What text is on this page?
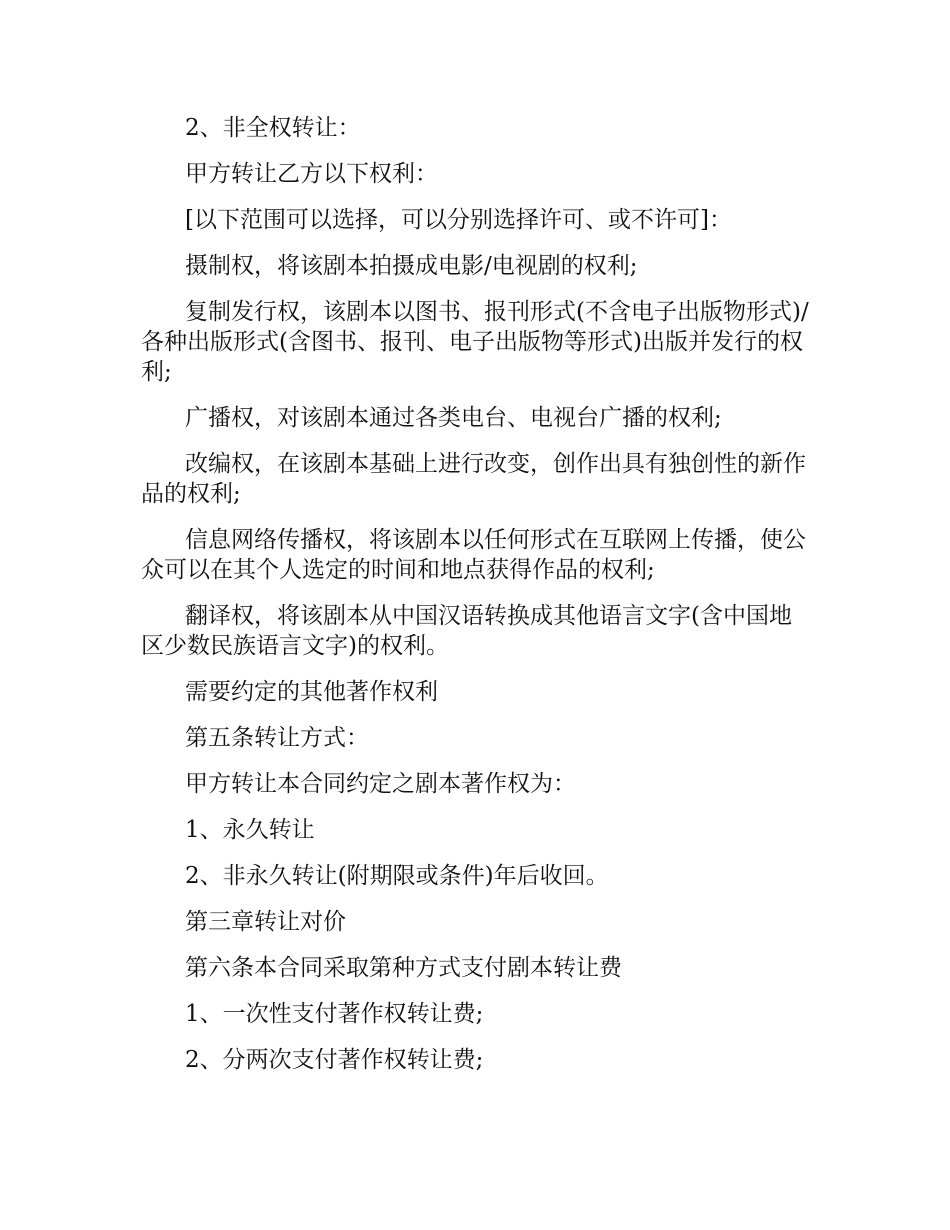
2、非全权转让：

甲方转让乙方以下权利：

[以下范围可以选择，可以分别选择许可、或不许可]：

摄制权，将该剧本拍摄成电影/电视剧的权利;

复制发行权，该剧本以图书、报刊形式(不含电子出版物形式)/各种出版形式(含图书、报刊、电子出版物等形式)出版并发行的权利;

广播权，对该剧本通过各类电台、电视台广播的权利;

改编权，在该剧本基础上进行改变，创作出具有独创性的新作品的权利;

信息网络传播权，将该剧本以任何形式在互联网上传播，使公众可以在其个人选定的时间和地点获得作品的权利;

翻译权，将该剧本从中国汉语转换成其他语言文字(含中国地区少数民族语言文字)的权利。

需要约定的其他著作权利

第五条转让方式：

甲方转让本合同约定之剧本著作权为：

1、永久转让

2、非永久转让(附期限或条件)年后收回。

第三章转让对价

第六条本合同采取第种方式支付剧本转让费

1、一次性支付著作权转让费;

2、分两次支付著作权转让费;
